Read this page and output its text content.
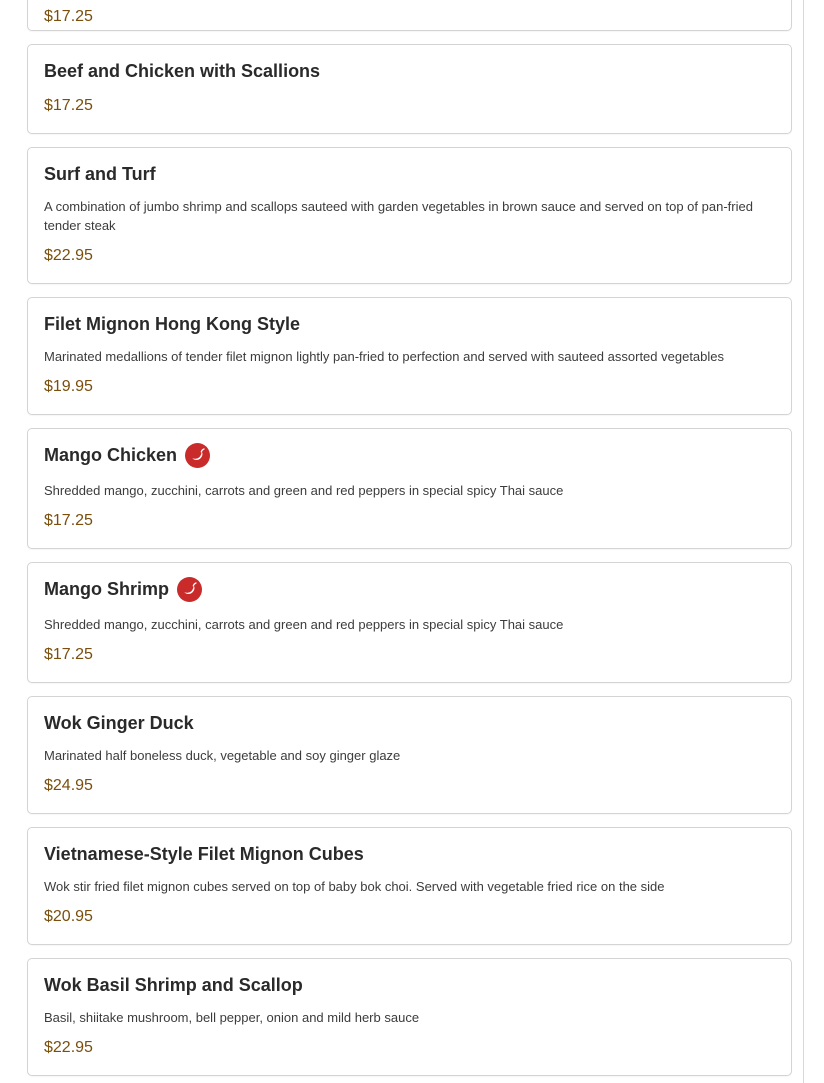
$17.25
Beef and Chicken with Scallions
$17.25
Surf and Turf
A combination of jumbo shrimp and scallops sauteed with garden vegetables in brown sauce and served on top of pan-fried tender steak
$22.95
Filet Mignon Hong Kong Style
Marinated medallions of tender filet mignon lightly pan-fried to perfection and served with sauteed assorted vegetables
$19.95
Mango Chicken
Shredded mango, zucchini, carrots and green and red peppers in special spicy Thai sauce
$17.25
Mango Shrimp
Shredded mango, zucchini, carrots and green and red peppers in special spicy Thai sauce
$17.25
Wok Ginger Duck
Marinated half boneless duck, vegetable and soy ginger glaze
$24.95
Vietnamese-Style Filet Mignon Cubes
Wok stir fried filet mignon cubes served on top of baby bok choi. Served with vegetable fried rice on the side
$20.95
Wok Basil Shrimp and Scallop
Basil, shiitake mushroom, bell pepper, onion and mild herb sauce
$22.95
